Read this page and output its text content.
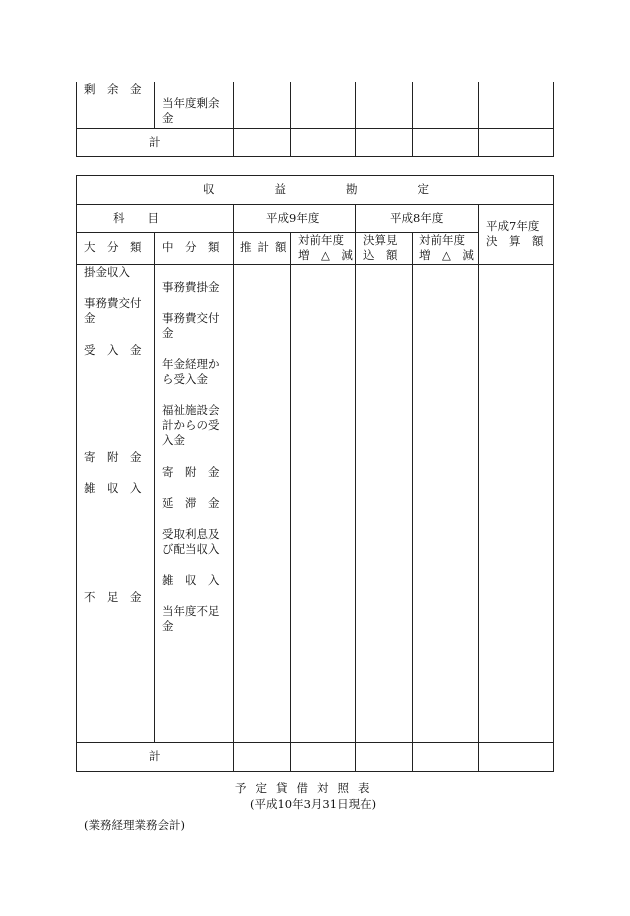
剰　余　金
当年度剰余
金
計
収益勘定
科　　目	平成9年度	平成8年度
平成7年度
決　算　額
大　分　類 中　分　類 推計額 対前年度
増　△　減
決算見
込　額
対前年度
増　△　減
掛金収入
事務費交付
金
受　入　金
寄　附　金
雑　収　入
不　足　金
事務費掛金
事務費交付
金
年金経理か
ら受入金
福祉施設会
計からの受
入金
寄　附　金
延　滞　金
受取利息及
び配当収入
雑　収　入
当年度不足
金
計
予定貸借対照表
(平成10年3月31日現在)
(業務経理業務会計)
